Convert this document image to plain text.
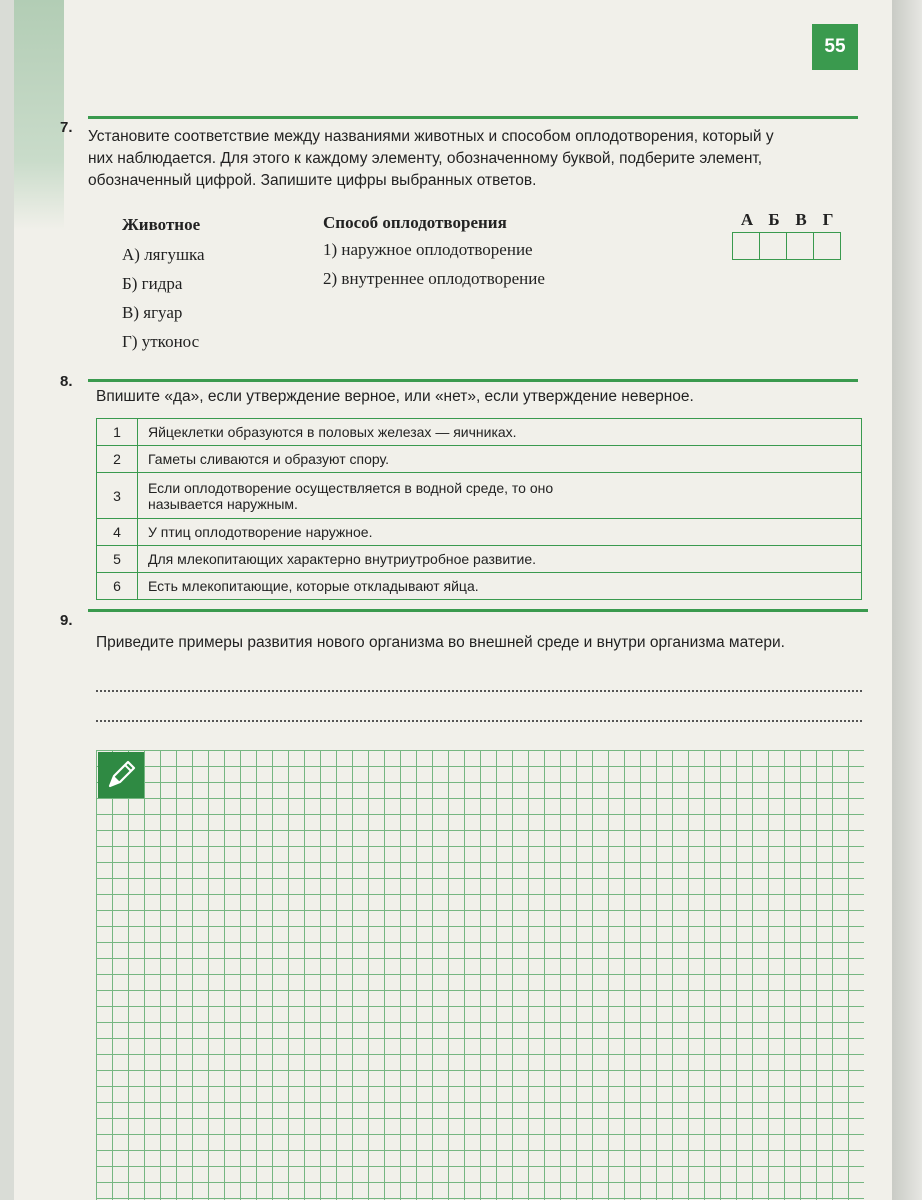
55
7.
Установите соответствие между названиями животных и способом оплодотворения, который у них наблюдается. Для этого к каждому элементу, обозначенному буквой, подберите элемент, обозначенный цифрой. Запишите цифры выбранных ответов.
Животное
А) лягушка
Б) гидра
В) ягуар
Г) утконос
Способ оплодотворения
1) наружное оплодотворение
2) внутреннее оплодотворение
А Б В Г
8.
Впишите «да», если утверждение верное, или «нет», если утверждение неверное.
1	Яйцеклетки образуются в половых железах — яичниках.
2	Гаметы сливаются и образуют спору.
3	Если оплодотворение осуществляется в водной среде, то оно называется наружным.
4	У птиц оплодотворение наружное.
5	Для млекопитающих характерно внутриутробное развитие.
6	Есть млекопитающие, которые откладывают яйца.
9.
Приведите примеры развития нового организма во внешней среде и внутри организма матери.
